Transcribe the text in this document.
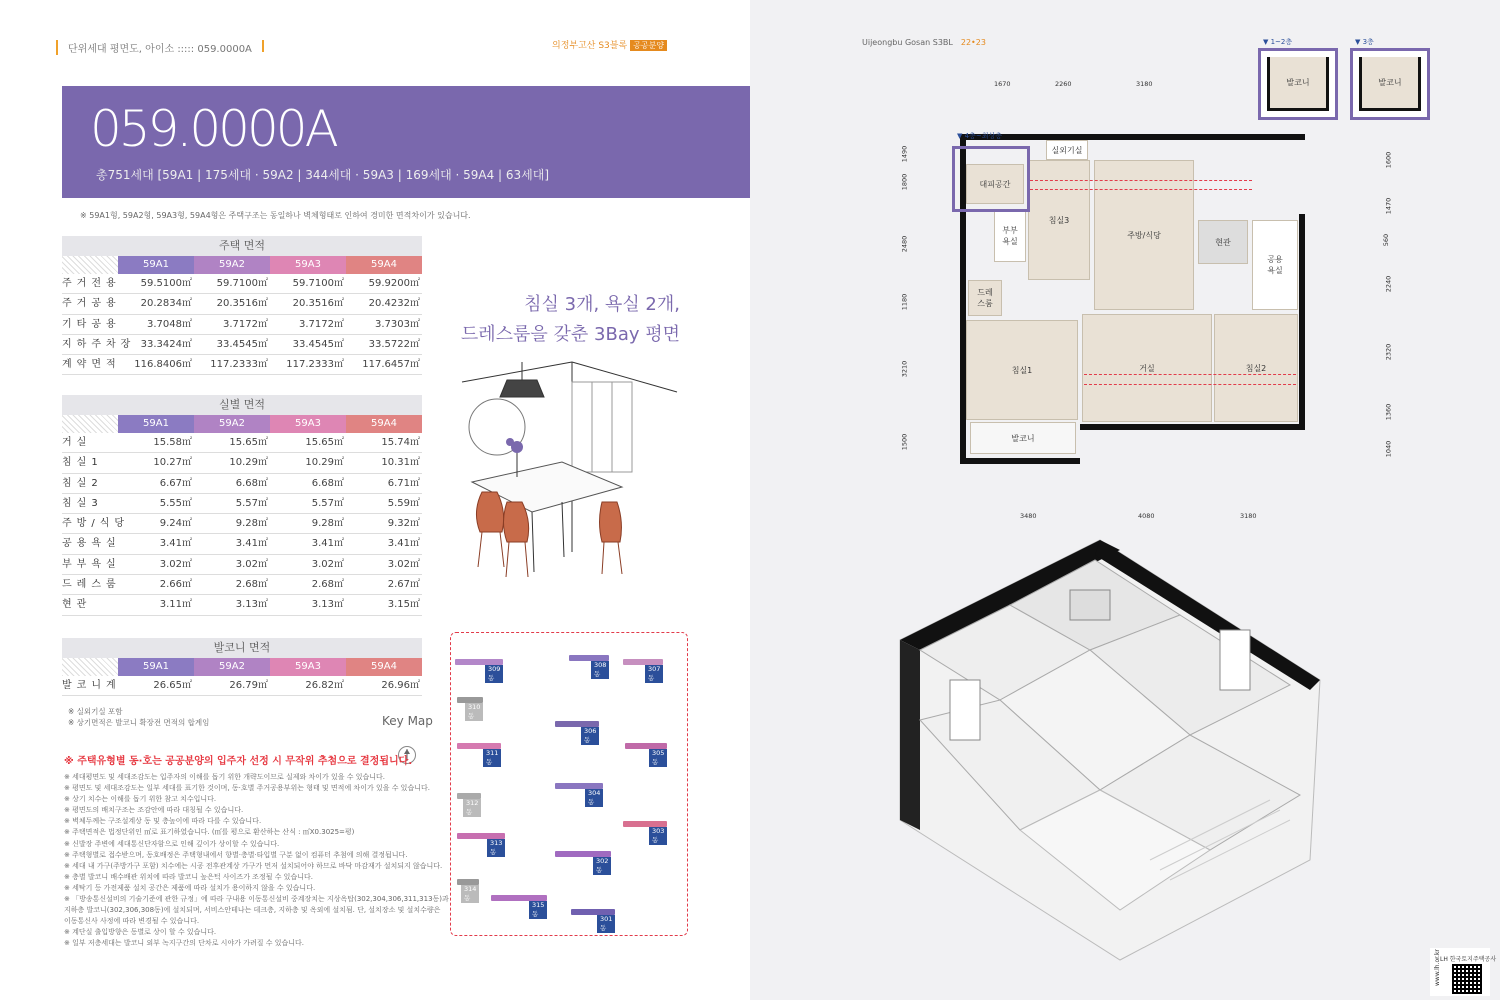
단위세대 평면도, 아이소 ::::: 059.0000A	의정부고산 S3블록 공공분양
059.0000A
총751세대 [59A1 | 175세대 · 59A2 | 344세대 · 59A3 | 169세대 · 59A4 | 63세대]
※ 59A1형, 59A2형, 59A3형, 59A4형은 주택구조는 동일하나 벽체형태로 인하여 경미한 면적차이가 있습니다.
주택 면적
59A1	59A2	59A3	59A4
주거전용	59.5100㎡	59.7100㎡	59.7100㎡	59.9200㎡
주거공용	20.2834㎡	20.3516㎡	20.3516㎡	20.4232㎡
기타공용	3.7048㎡	3.7172㎡	3.7172㎡	3.7303㎡
지하주차장 33.3424㎡	33.4545㎡	33.4545㎡	33.5722㎡
계약면적	116.8406㎡	117.2333㎡	117.2333㎡	117.6457㎡
실별 면적
59A1	59A2	59A3	59A4
거실	15.58㎡	15.65㎡	15.65㎡	15.74㎡
침실1	10.27㎡	10.29㎡	10.29㎡	10.31㎡
침실2	6.67㎡	6.68㎡	6.68㎡	6.71㎡
침실3	5.55㎡	5.57㎡	5.57㎡	5.59㎡
주방/식당	9.24㎡	9.28㎡	9.28㎡	9.32㎡
공용욕실	3.41㎡	3.41㎡	3.41㎡	3.41㎡
부부욕실	3.02㎡	3.02㎡	3.02㎡	3.02㎡
드레스룸	2.66㎡	2.68㎡	2.68㎡	2.67㎡
현관	3.11㎡	3.13㎡	3.13㎡	3.15㎡
발코니 면적
59A1	59A2	59A3	59A4
발코니계	26.65㎡	26.79㎡	26.82㎡	26.96㎡
※ 실외기실 포함
※ 상기면적은 발코니 확장전 면적의 합계임
침실 3개, 욕실 2개,
드레스룸을 갖춘 3Bay 평면
Key Map
※ 주택유형별 동·호는 공공분양의 입주자 선정 시 무작위 추첨으로 결정됩니다.
※ 세대평면도 및 세대조감도는 입주자의 이해를 돕기 위한 개략도이므로 실제와 차이가 있을 수 있습니다.
※ 평면도 및 세대조감도는 일부 세대를 표기한 것이며, 동·호별 주거공용부위는 형태 및 면적에 차이가 있을 수 있습니다.
※ 상기 치수는 이해를 돕기 위한 참고 치수입니다.
※ 평면도의 배치구조는 조감안에 따라 대칭될 수 있습니다.
※ 벽체두께는 구조설계상 동 및 층높이에 따라 다를 수 있습니다.
※ 주택면적은 법정단위인 ㎡로 표기하였습니다. (㎡를 평으로 환산하는 산식 : ㎡X0.3025=평)
※ 신발장 주변에 세대통신단자함으로 인해 깊이가 상이할 수 있습니다.
※ 주택형별로 접수받으며, 동호배정은 주택형내에서 향별·층별·타입별 구분 없이 컴퓨터 추첨에 의해 결정됩니다.
※ 세대 내 가구(주방가구 포함) 치수에는 시공 전후관계상 가구가 먼저 설치되어야 하므로 바닥 마감재가 설치되지 않습니다.
※ 층별 발코니 배수배관 위치에 따라 발코니 높은턱 사이즈가 조정될 수 있습니다.
※ 세탁기 등 가전제품 설치 공간은 제품에 따라 설치가 용이하지 않을 수 있습니다.
※ 「방송통신설비의 기술기준에 관한 규정」에 따라 구내용 이동통신설비 중계장치는 지상옥탑(302,304,306,311,313동)과
지하층 발코니(302,306,308동)에 설치되며, 서비스안테나는 데크층, 지하층 및 옥외에 설치됨. 단, 설치장소 및 설치수량은
이동통신사 사정에 따라 변경될 수 있습니다.
※ 계단실 출입방향은 동별로 상이 할 수 있습니다.
※ 일부 저층세대는 발코니 외부 녹지구간의 단차로 시야가 가려질 수 있습니다.
309동
308동
307동
310동
306동
305동
311동
304동
312동
303동
313동
302동
314동
315동
301동
Uijeongbu Gosan S3BL 22•23	▼ 1~2층
발코니
▼ 3층
발코니
1670	2260	3180
3480	4080	3180
1490
1800
2480
1180
3210
1500
1600
1470
560
2240
2320
1360
1040
대피공간
실외기실
침실3
주방/식당
부부
욕실	현관
공용
욕실
드레
스룸
침실1	거실	침실2
발코니
▼ 4층~최상층
LH 한국토지주택공사
www.lh.or.kr
